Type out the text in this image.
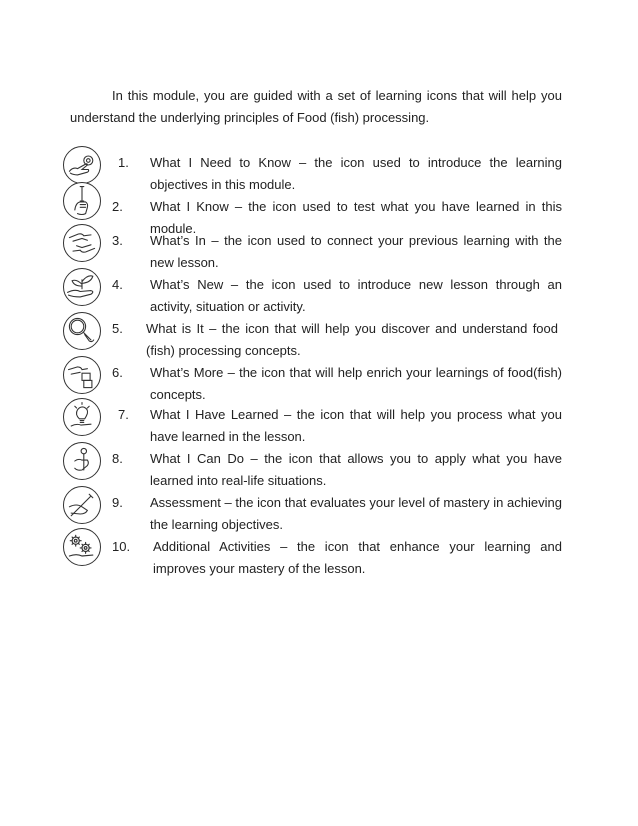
In this module, you are guided with a set of learning icons that will help you understand the underlying principles of Food (fish) processing.

1.	What I Need to Know – the icon used to introduce the learning objectives in this module.
2.	What I Know – the icon used to test what you have learned in this module.
3.	What’s In – the icon used to connect your previous learning with the new lesson.
4.	What’s New – the icon used to introduce new lesson through an activity, situation or activity.
5.	What is It – the icon that will help you discover and understand food (fish) processing concepts.
6.	What’s More – the icon that will help enrich your learnings of food(fish) concepts.
7.	What I Have Learned – the icon that will help you process what you have learned in the lesson.
8.	What I Can Do – the icon that allows you to apply what you have learned into real-life situations.
9.	Assessment – the icon that evaluates your level of mastery in achieving the learning objectives.
10.	Additional Activities – the icon that enhance your learning and improves your mastery of the lesson.
